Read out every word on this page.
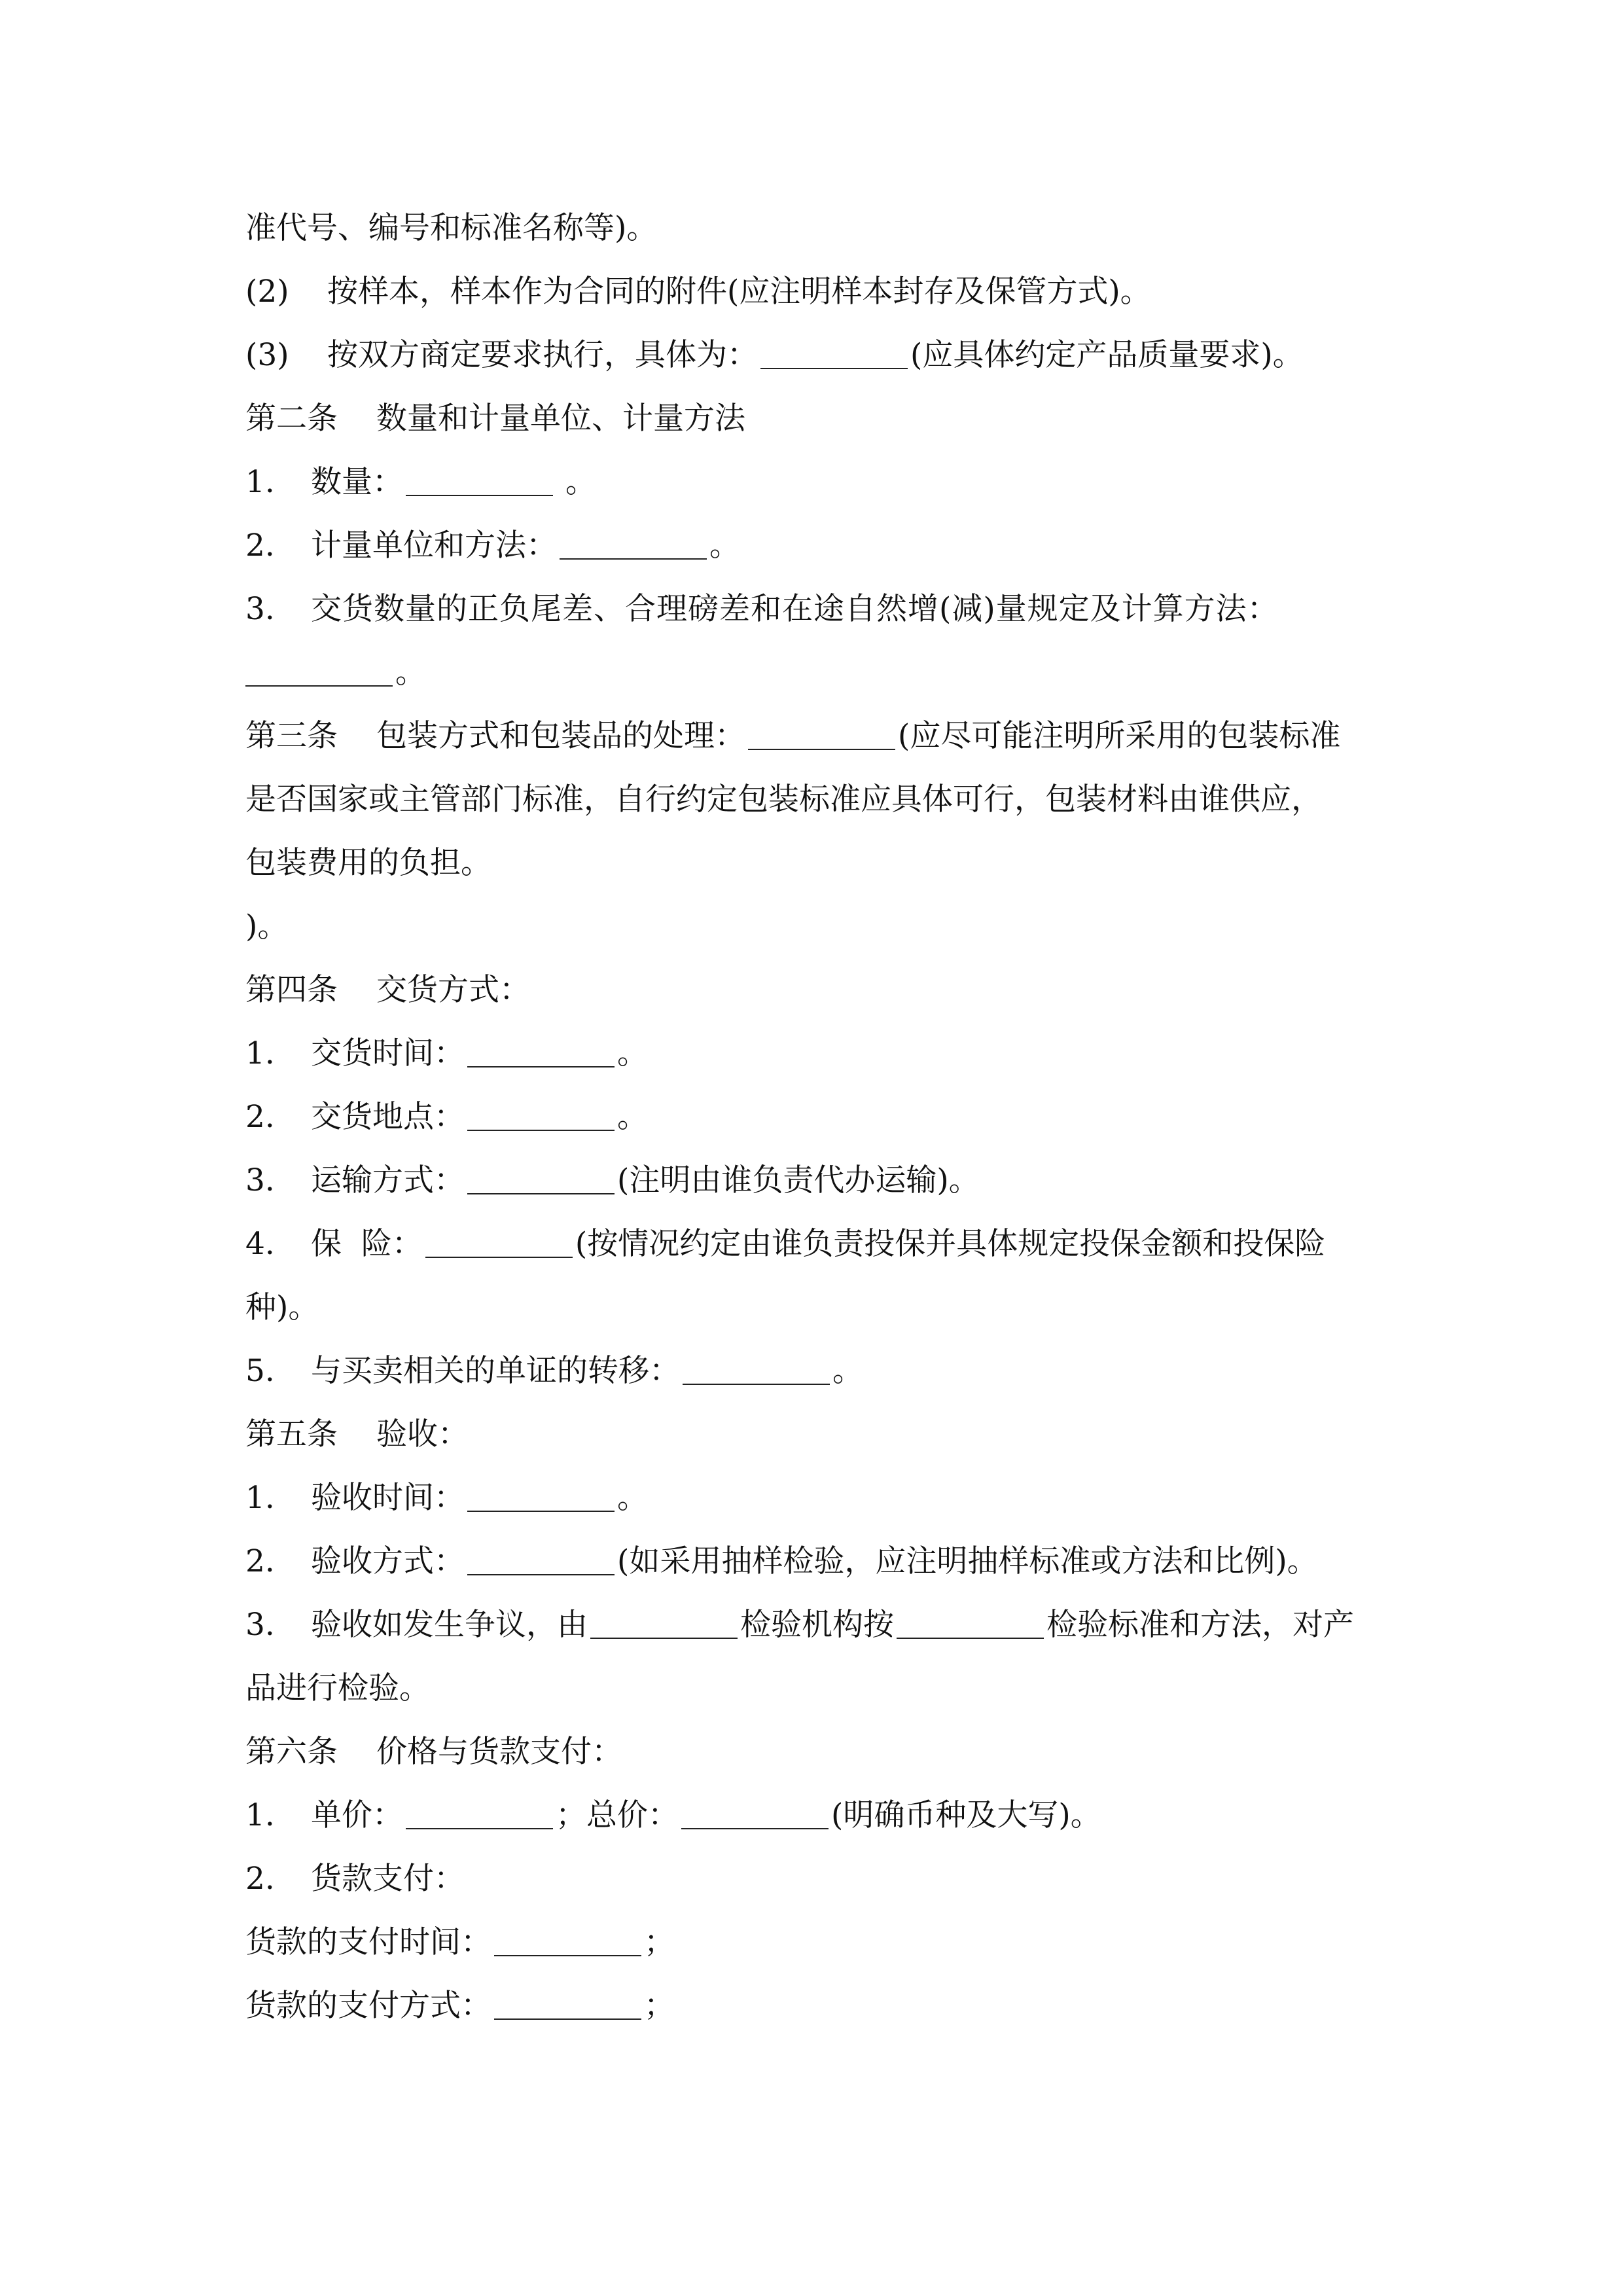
准代号、编号和标准名称等)。
(2) 按样本，样本作为合同的附件(应注明样本封存及保管方式)。
(3) 按双方商定要求执行，具体为：	(应具体约定产品质量要求)。
第二条 数量和计量单位、计量方法
1. 数量：	。
2. 计量单位和方法：	。
3. 交货数量的正负尾差、合理磅差和在途自然增(减)量规定及计算方法：
。
第三条 包装方式和包装品的处理：	(应尽可能注明所采用的包装标准
是否国家或主管部门标准，自行约定包装标准应具体可行，包装材料由谁供应，
包装费用的负担。
)。
第四条 交货方式：
1. 交货时间：	。
2. 交货地点：	。
3. 运输方式：	(注明由谁负责代办运输)。
4. 保  险：	(按情况约定由谁负责投保并具体规定投保金额和投保险
种)。
5. 与买卖相关的单证的转移：	。
第五条 验收：
1. 验收时间：	。
2. 验收方式：	(如采用抽样检验，应注明抽样标准或方法和比例)。
3. 验收如发生争议，由	检验机构按	检验标准和方法，对产
品进行检验。
第六条 价格与货款支付：
1. 单价：	；总价：	(明确币种及大写)。
2. 货款支付：
货款的支付时间：	；
货款的支付方式：	；
